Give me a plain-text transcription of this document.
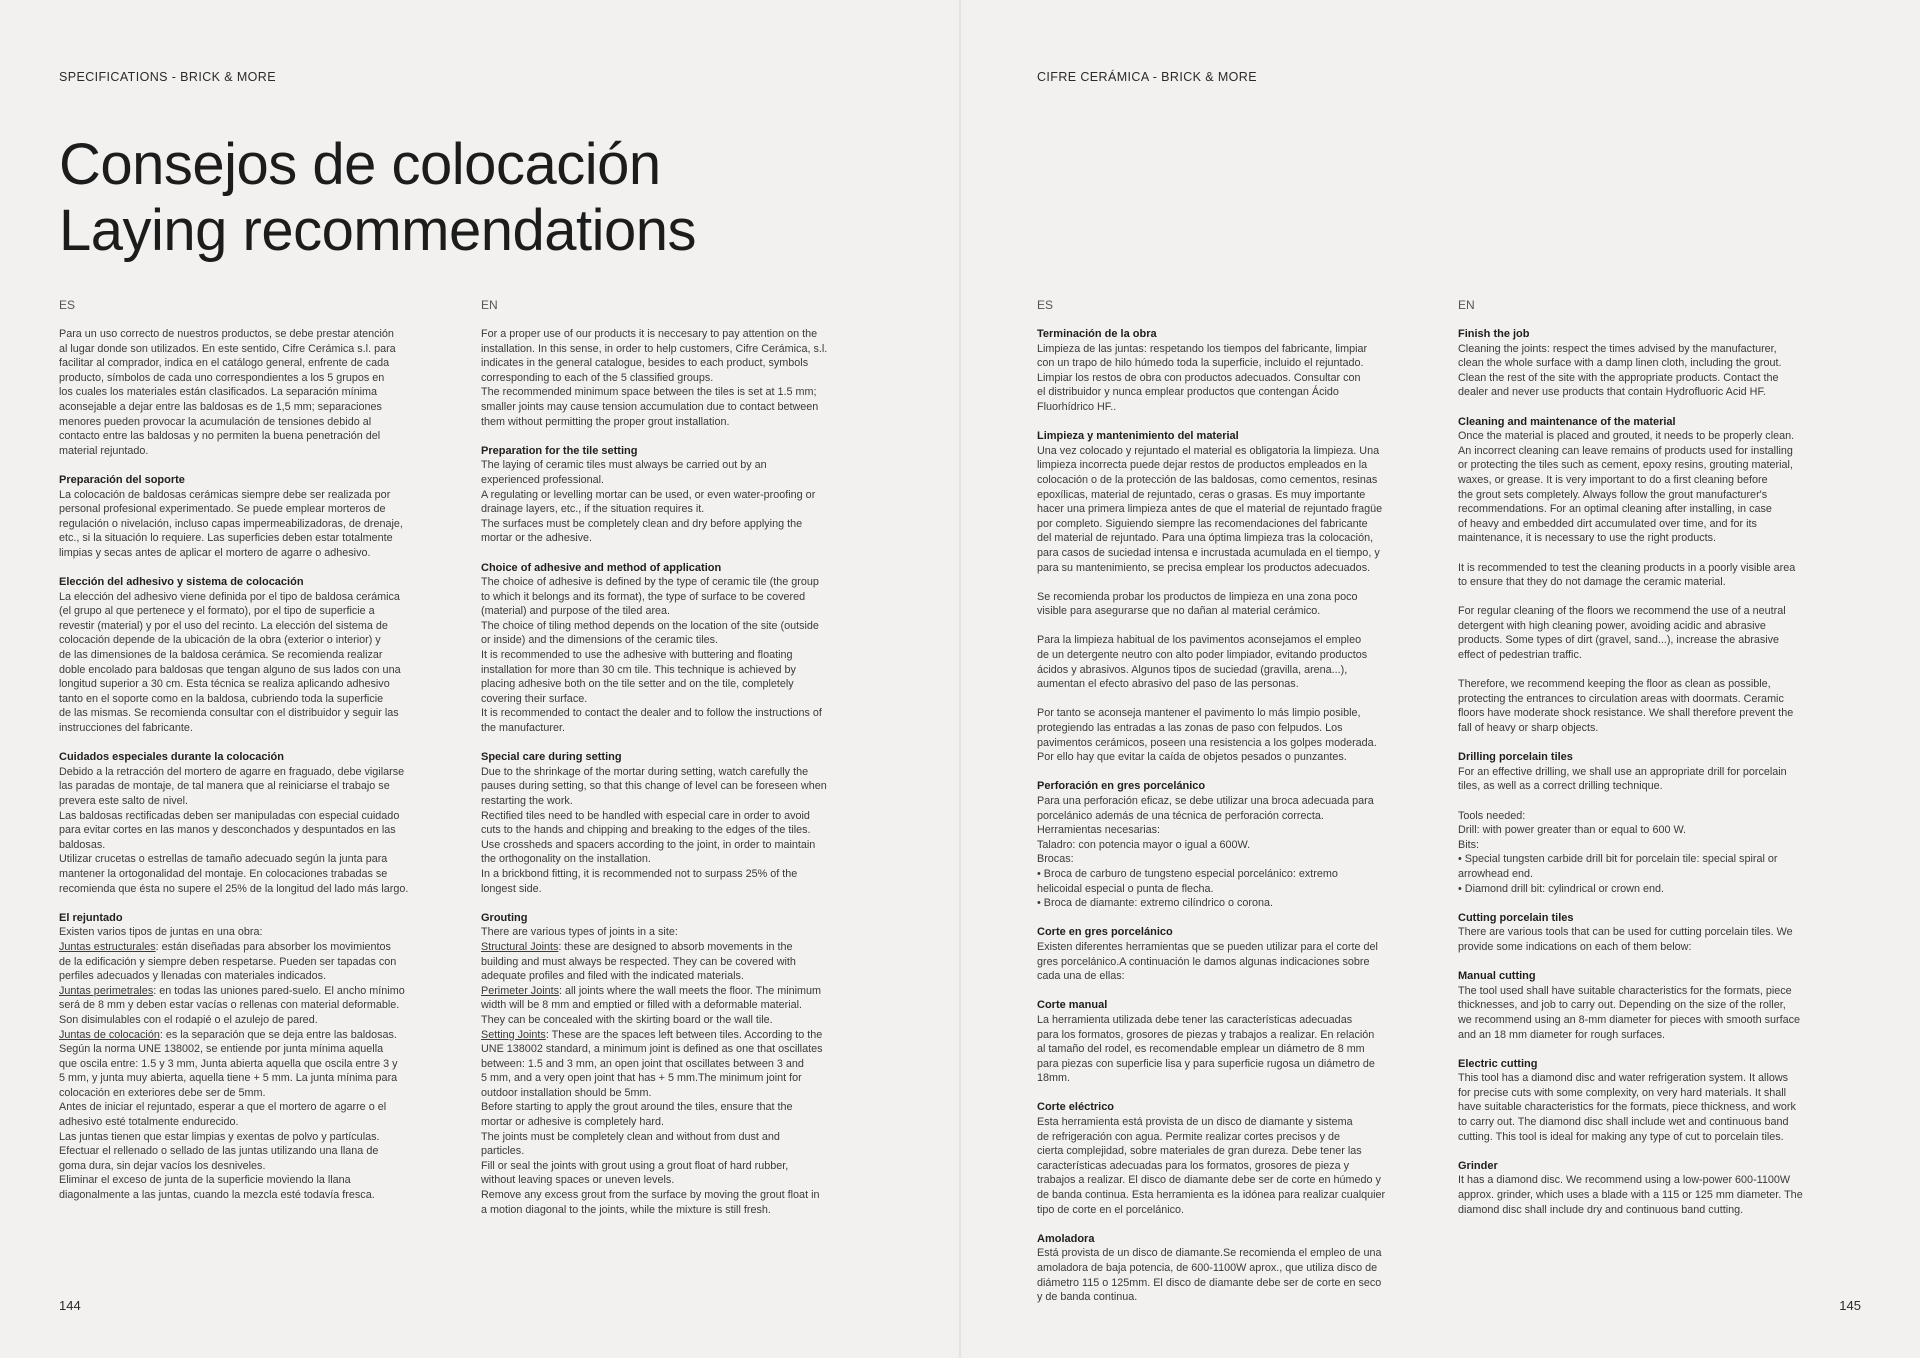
SPECIFICATIONS - BRICK & MORE
Consejos de colocación
Laying recommendations
ES
Para un uso correcto de nuestros productos, se debe prestar atención
al lugar donde son utilizados. En este sentido, Cifre Cerámica s.l. para
facilitar al comprador, indica en el catálogo general, enfrente de cada
producto, símbolos de cada uno correspondientes a los 5 grupos en
los cuales los materiales están clasificados. La separación mínima
aconsejable a dejar entre las baldosas es de 1,5 mm; separaciones
menores pueden provocar la acumulación de tensiones debido al
contacto entre las baldosas y no permiten la buena penetración del
material rejuntado.
Preparación del soporte
La colocación de baldosas cerámicas siempre debe ser realizada por
personal profesional experimentado. Se puede emplear morteros de
regulación o nivelación, incluso capas impermeabilizadoras, de drenaje,
etc., si la situación lo requiere. Las superficies deben estar totalmente
limpias y secas antes de aplicar el mortero de agarre o adhesivo.
Elección del adhesivo y sistema de colocación
La elección del adhesivo viene definida por el tipo de baldosa cerámica
(el grupo al que pertenece y el formato), por el tipo de superficie a
revestir (material) y por el uso del recinto. La elección del sistema de
colocación depende de la ubicación de la obra (exterior o interior) y
de las dimensiones de la baldosa cerámica. Se recomienda realizar
doble encolado para baldosas que tengan alguno de sus lados con una
longitud superior a 30 cm. Esta técnica se realiza aplicando adhesivo
tanto en el soporte como en la baldosa, cubriendo toda la superficie
de las mismas. Se recomienda consultar con el distribuidor y seguir las
instrucciones del fabricante.
Cuidados especiales durante la colocación
Debido a la retracción del mortero de agarre en fraguado, debe vigilarse
las paradas de montaje, de tal manera que al reiniciarse el trabajo se
prevera este salto de nivel.
Las baldosas rectificadas deben ser manipuladas con especial cuidado
para evitar cortes en las manos y desconchados y despuntados en las
baldosas.
Utilizar crucetas o estrellas de tamaño adecuado según la junta para
mantener la ortogonalidad del montaje. En colocaciones trabadas se
recomienda que ésta no supere el 25% de la longitud del lado más largo.
El rejuntado
Existen varios tipos de juntas en una obra:
Juntas estructurales: están diseñadas para absorber los movimientos
de la edificación y siempre deben respetarse. Pueden ser tapadas con
perfiles adecuados y llenadas con materiales indicados.
Juntas perimetrales: en todas las uniones pared-suelo. El ancho mínimo
será de 8 mm y deben estar vacías o rellenas con material deformable.
Son disimulables con el rodapié o el azulejo de pared.
Juntas de colocación: es la separación que se deja entre las baldosas.
Según la norma UNE 138002, se entiende por junta mínima aquella
que oscila entre: 1.5 y 3 mm, Junta abierta aquella que oscila entre 3 y
5 mm, y junta muy abierta, aquella tiene + 5 mm. La junta mínima para
colocación en exteriores debe ser de 5mm.
Antes de iniciar el rejuntado, esperar a que el mortero de agarre o el
adhesivo esté totalmente endurecido.
Las juntas tienen que estar limpias y exentas de polvo y partículas.
Efectuar el rellenado o sellado de las juntas utilizando una llana de
goma dura, sin dejar vacíos los desniveles.
Eliminar el exceso de junta de la superficie moviendo la llana
diagonalmente a las juntas, cuando la mezcla esté todavía fresca.
EN
For a proper use of our products it is neccesary to pay attention on the
installation. In this sense, in order to help customers, Cifre Cerámica, s.l.
indicates in the general catalogue, besides to each product, symbols
corresponding to each of the 5 classified groups.
The recommended minimum space between the tiles is set at 1.5 mm;
smaller joints may cause tension accumulation due to contact between
them without permitting the proper grout installation.
Preparation for the tile setting
The laying of ceramic tiles must always be carried out by an
experienced professional.
A regulating or levelling mortar can be used, or even water-proofing or
drainage layers, etc., if the situation requires it.
The surfaces must be completely clean and dry before applying the
mortar or the adhesive.
Choice of adhesive and method of application
The choice of adhesive is defined by the type of ceramic tile (the group
to which it belongs and its format), the type of surface to be covered
(material) and purpose of the tiled area.
The choice of tiling method depends on the location of the site (outside
or inside) and the dimensions of the ceramic tiles.
It is recommended to use the adhesive with buttering and floating
installation for more than 30 cm tile. This technique is achieved by
placing adhesive both on the tile setter and on the tile, completely
covering their surface.
It is recommended to contact the dealer and to follow the instructions of
the manufacturer.
Special care during setting
Due to the shrinkage of the mortar during setting, watch carefully the
pauses during setting, so that this change of level can be foreseen when
restarting the work.
Rectified tiles need to be handled with especial care in order to avoid
cuts to the hands and chipping and breaking to the edges of the tiles.
Use crossheds and spacers according to the joint, in order to maintain
the orthogonality on the installation.
In a brickbond fitting, it is recommended not to surpass 25% of the
longest side.
Grouting
There are various types of joints in a site:
Structural Joints: these are designed to absorb movements in the
building and must always be respected. They can be covered with
adequate profiles and filed with the indicated materials.
Perimeter Joints: all joints where the wall meets the floor. The minimum
width will be 8 mm and emptied or filled with a deformable material.
They can be concealed with the skirting board or the wall tile.
Setting Joints: These are the spaces left between tiles. According to the
UNE 138002 standard, a minimum joint is defined as one that oscillates
between: 1.5 and 3 mm, an open joint that oscillates between 3 and
5 mm, and a very open joint that has + 5 mm.The minimum joint for
outdoor installation should be 5mm.
Before starting to apply the grout around the tiles, ensure that the
mortar or adhesive is completely hard.
The joints must be completely clean and without from dust and
particles.
Fill or seal the joints with grout using a grout float of hard rubber,
without leaving spaces or uneven levels.
Remove any excess grout from the surface by moving the grout float in
a motion diagonal to the joints, while the mixture is still fresh.
144
CIFRE CERÁMICA - BRICK & MORE
ES
Terminación de la obra
Limpieza de las juntas: respetando los tiempos del fabricante, limpiar
con un trapo de hilo húmedo toda la superficie, incluido el rejuntado.
Limpiar los restos de obra con productos adecuados. Consultar con
el distribuidor y nunca emplear productos que contengan Ácido
Fluorhídrico HF..
Limpieza y mantenimiento del material
Una vez colocado y rejuntado el material es obligatoria la limpieza. Una
limpieza incorrecta puede dejar restos de productos empleados en la
colocación o de la protección de las baldosas, como cementos, resinas
epoxílicas, material de rejuntado, ceras o grasas. Es muy importante
hacer una primera limpieza antes de que el material de rejuntado fragüe
por completo. Siguiendo siempre las recomendaciones del fabricante
del material de rejuntado. Para una óptima limpieza tras la colocación,
para casos de suciedad intensa e incrustada acumulada en el tiempo, y
para su mantenimiento, se precisa emplear los productos adecuados.
Se recomienda probar los productos de limpieza en una zona poco
visible para asegurarse que no dañan al material cerámico.
Para la limpieza habitual de los pavimentos aconsejamos el empleo
de un detergente neutro con alto poder limpiador, evitando productos
ácidos y abrasivos. Algunos tipos de suciedad (gravilla, arena...),
aumentan el efecto abrasivo del paso de las personas.
Por tanto se aconseja mantener el pavimento lo más limpio posible,
protegiendo las entradas a las zonas de paso con felpudos. Los
pavimentos cerámicos, poseen una resistencia a los golpes moderada.
Por ello hay que evitar la caída de objetos pesados o punzantes.
Perforación en gres porcelánico
Para una perforación eficaz, se debe utilizar una broca adecuada para
porcelánico además de una técnica de perforación correcta.
Herramientas necesarias:
Taladro: con potencia mayor o igual a 600W.
Brocas:
• Broca de carburo de tungsteno especial porcelánico: extremo
helicoidal especial o punta de flecha.
• Broca de diamante: extremo cilíndrico o corona.
Corte en gres porcelánico
Existen diferentes herramientas que se pueden utilizar para el corte del
gres porcelánico.A continuación le damos algunas indicaciones sobre
cada una de ellas:
Corte manual
La herramienta utilizada debe tener las características adecuadas
para los formatos, grosores de piezas y trabajos a realizar. En relación
al tamaño del rodel, es recomendable emplear un diámetro de 8 mm
para piezas con superficie lisa y para superficie rugosa un diámetro de
18mm.
Corte eléctrico
Esta herramienta está provista de un disco de diamante y sistema
de refrigeración con agua. Permite realizar cortes precisos y de
cierta complejidad, sobre materiales de gran dureza. Debe tener las
características adecuadas para los formatos, grosores de pieza y
trabajos a realizar. El disco de diamante debe ser de corte en húmedo y
de banda continua. Esta herramienta es la idónea para realizar cualquier
tipo de corte en el porcelánico.
Amoladora
Está provista de un disco de diamante.Se recomienda el empleo de una
amoladora de baja potencia, de 600-1100W aprox., que utiliza disco de
diámetro 115 o 125mm. El disco de diamante debe ser de corte en seco
y de banda continua.
EN
Finish the job
Cleaning the joints: respect the times advised by the manufacturer,
clean the whole surface with a damp linen cloth, including the grout.
Clean the rest of the site with the appropriate products. Contact the
dealer and never use products that contain Hydrofluoric Acid HF.
Cleaning and maintenance of the material
Once the material is placed and grouted, it needs to be properly clean.
An incorrect cleaning can leave remains of products used for installing
or protecting the tiles such as cement, epoxy resins, grouting material,
waxes, or grease. It is very important to do a first cleaning before
the grout sets completely. Always follow the grout manufacturer's
recommendations. For an optimal cleaning after installing, in case
of heavy and embedded dirt accumulated over time, and for its
maintenance, it is necessary to use the right products.
It is recommended to test the cleaning products in a poorly visible area
to ensure that they do not damage the ceramic material.
For regular cleaning of the floors we recommend the use of a neutral
detergent with high cleaning power, avoiding acidic and abrasive
products. Some types of dirt (gravel, sand...), increase the abrasive
effect of pedestrian traffic.
Therefore, we recommend keeping the floor as clean as possible,
protecting the entrances to circulation areas with doormats. Ceramic
floors have moderate shock resistance. We shall therefore prevent the
fall of heavy or sharp objects.
Drilling porcelain tiles
For an effective drilling, we shall use an appropriate drill for porcelain
tiles, as well as a correct drilling technique.
Tools needed:
Drill: with power greater than or equal to 600 W.
Bits:
• Special tungsten carbide drill bit for porcelain tile: special spiral or
arrowhead end.
• Diamond drill bit: cylindrical or crown end.
Cutting porcelain tiles
There are various tools that can be used for cutting porcelain tiles. We
provide some indications on each of them below:
Manual cutting
The tool used shall have suitable characteristics for the formats, piece
thicknesses, and job to carry out. Depending on the size of the roller,
we recommend using an 8-mm diameter for pieces with smooth surface
and an 18 mm diameter for rough surfaces.
Electric cutting
This tool has a diamond disc and water refrigeration system. It allows
for precise cuts with some complexity, on very hard materials. It shall
have suitable characteristics for the formats, piece thickness, and work
to carry out. The diamond disc shall include wet and continuous band
cutting. This tool is ideal for making any type of cut to porcelain tiles.
Grinder
It has a diamond disc. We recommend using a low-power 600-1100W
approx. grinder, which uses a blade with a 115 or 125 mm diameter. The
diamond disc shall include dry and continuous band cutting.
145
